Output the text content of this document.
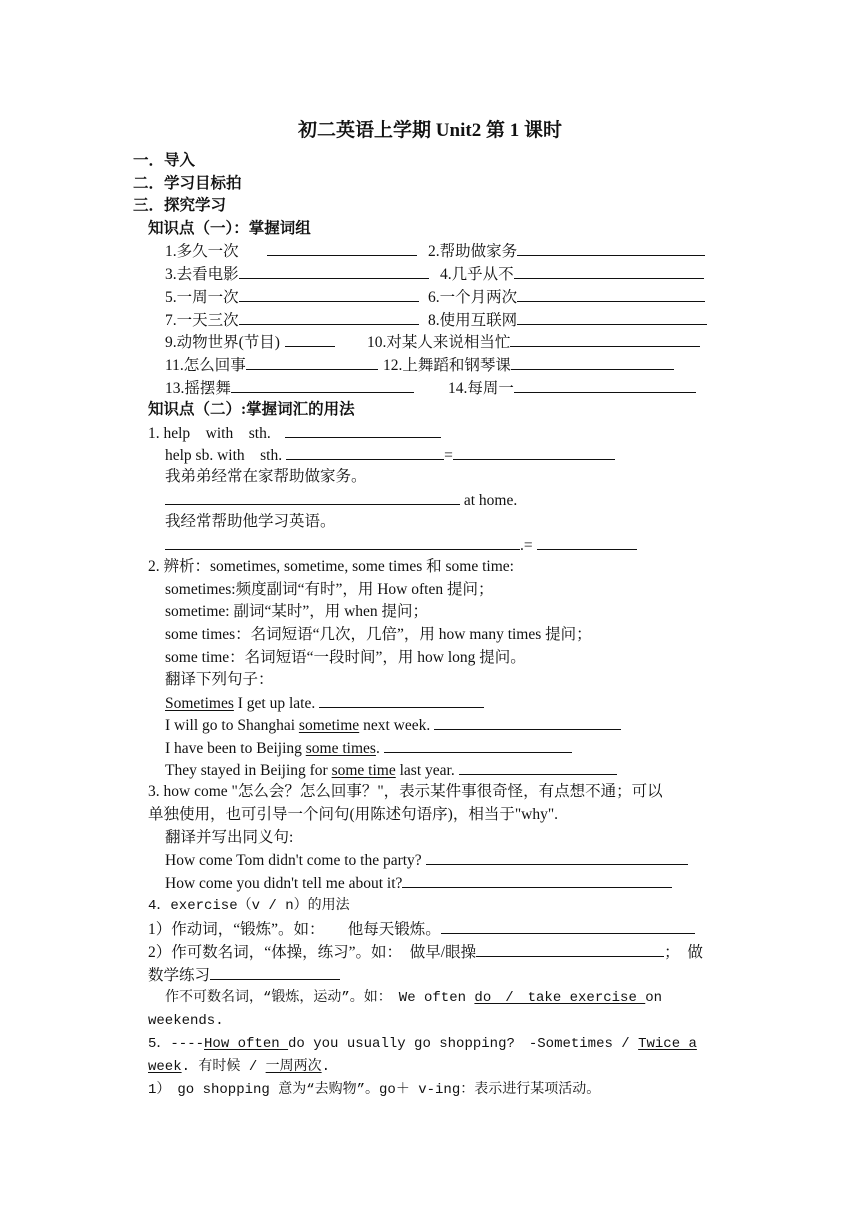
初二英语上学期 Unit2 第 1 课时
一．导入
二．学习目标拍
三．探究学习
知识点（一）：掌握词组
1.多久一次	2.帮助做家务
3.去看电影	4.几乎从不
5.一周一次	6.一个月两次
7.一天三次	8.使用互联网
9.动物世界(节目)	10.对某人来说相当忙
11.怎么回事	12.上舞蹈和钢琴课
13.摇摆舞	14.每周一
知识点（二）:掌握词汇的用法
1. help　with　sth.
help sb. with　sth.	=
我弟弟经常在家帮助做家务。
at home.
我经常帮助他学习英语。
.=
2. 辨析：sometimes, sometime, some times 和 some time:
sometimes:频度副词“有时”，用 How often 提问；
sometime: 副词“某时”，用 when 提问；
some times：名词短语“几次，几倍”，用 how many times 提问；
some time：名词短语“一段时间”，用 how long 提问。
翻译下列句子：
Sometimes I get up late.
I will go to Shanghai sometime next week.
I have been to Beijing some times.
They stayed in Beijing for some time last year.
3. how come "怎么会？怎么回事？"，表示某件事很奇怪，有点想不通；可以
单独使用，也可引导一个问句(用陈述句语序)，相当于"why".
翻译并写出同义句:
How come Tom didn't come to the party?
How come you didn't tell me about it?
4．exercise（v / n）的用法
1）作动词，“锻炼”。如：　　他每天锻炼。
2）作可数名词，“体操，练习”。如：　做早/眼操	；　做
数学练习
作不可数名词，“锻炼，运动”。如：　We often do　/　take exercise on
weekends.
5．----How often do you usually go shopping?　-Sometimes / Twice a
week. 有时候 / 一周两次.
1）　go shopping 意为“去购物”。go＋ v-ing：表示进行某项活动。
